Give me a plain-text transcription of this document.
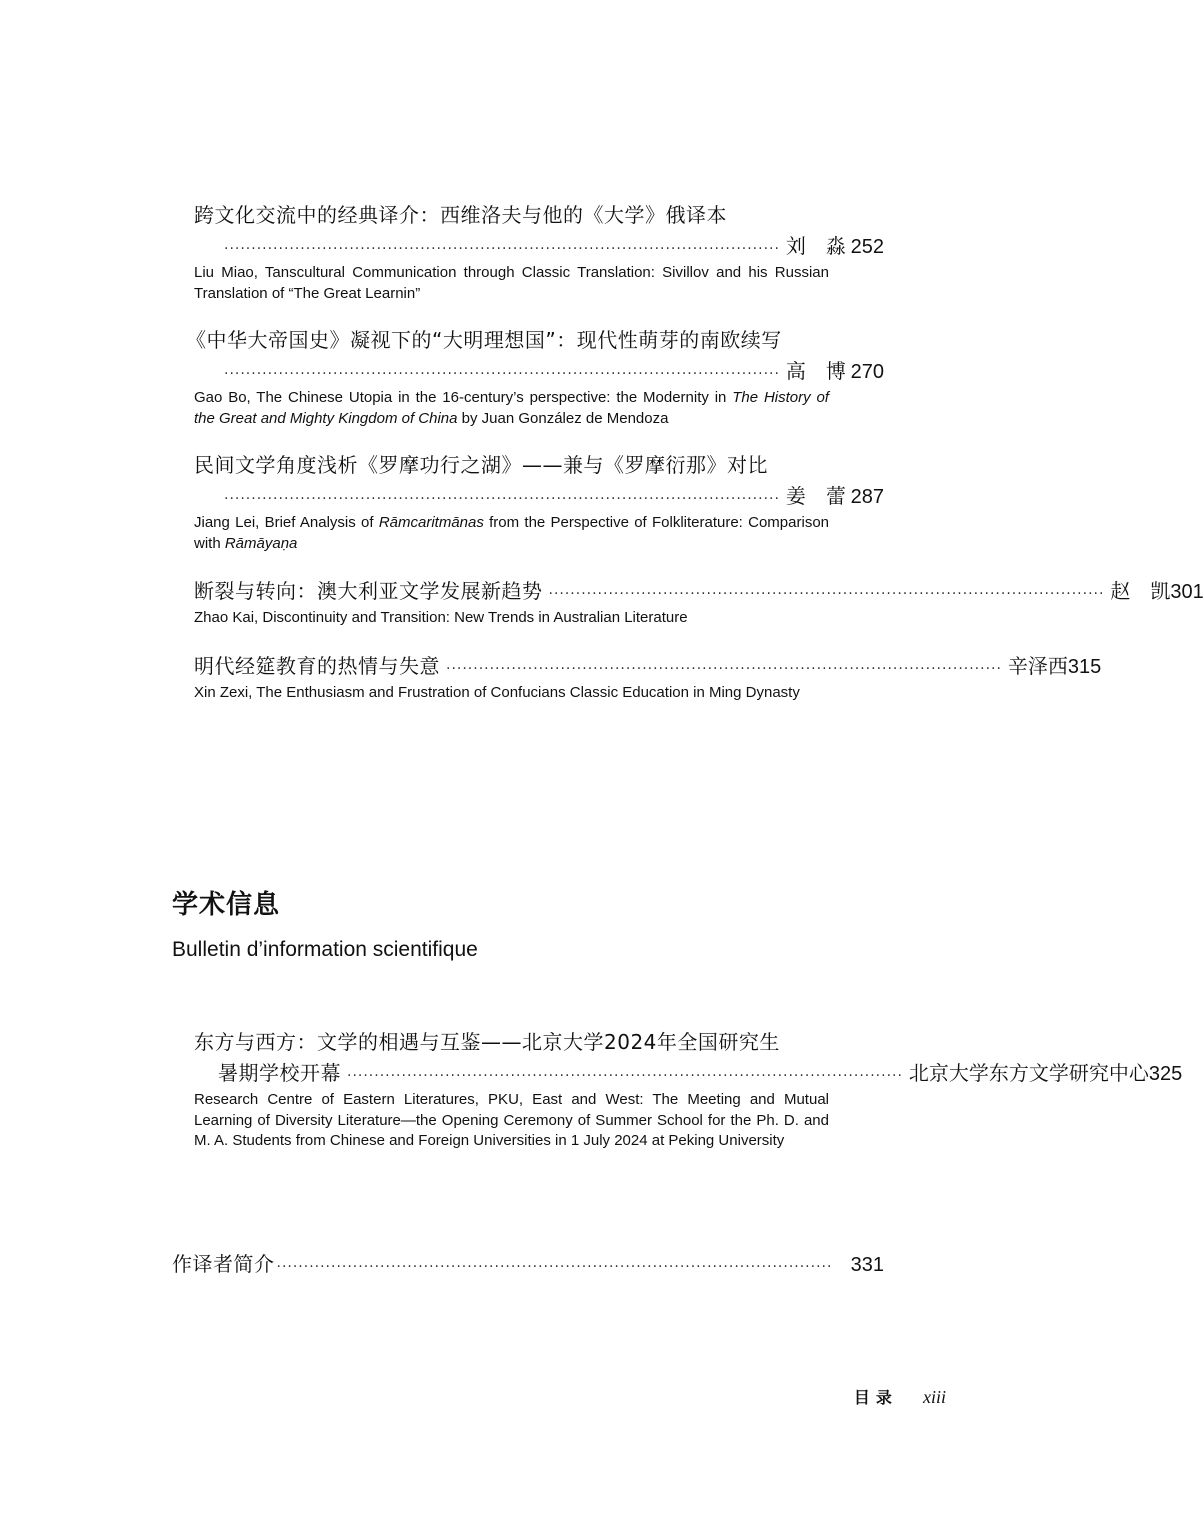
跨文化交流中的经典译介：西维洛夫与他的《大学》俄译本
······································································································ 刘　淼 252
Liu Miao, Tanscultural Communication through Classic Translation: Sivillov and his Russian Translation of “The Great Learnin”
《中华大帝国史》凝视下的“大明理想国”：现代性萌芽的南欧续写
······································································································ 高　博 270
Gao Bo, The Chinese Utopia in the 16-century’s perspective: the Modernity in The History of the Great and Mighty Kingdom of China by Juan González de Mendoza
民间文学角度浅析《罗摩功行之湖》——兼与《罗摩衍那》对比
······································································································ 姜　蕾 287
Jiang Lei, Brief Analysis of Rāmcaritmānas from the Perspective of Folkliterature: Comparison with Rāmāyaṇa
断裂与转向：澳大利亚文学发展新趋势 ······································································································ 赵　凯 301
Zhao Kai, Discontinuity and Transition: New Trends in Australian Literature
明代经筵教育的热情与失意 ······································································································ 辛泽西 315
Xin Zexi, The Enthusiasm and Frustration of Confucians Classic Education in Ming Dynasty
学术信息
Bulletin d’information scientifique
东方与西方：文学的相遇与互鉴——北京大学2024年全国研究生
暑期学校开幕 ······································································································ 北京大学东方文学研究中心 325
Research Centre of Eastern Literatures, PKU, East and West: The Meeting and Mutual Learning of Diversity Literature—the Opening Ceremony of Summer School for the Ph. D. and M. A. Students from Chinese and Foreign Universities in 1 July 2024 at Peking University
作译者简介 ······································································································ 331
目录 xiii
